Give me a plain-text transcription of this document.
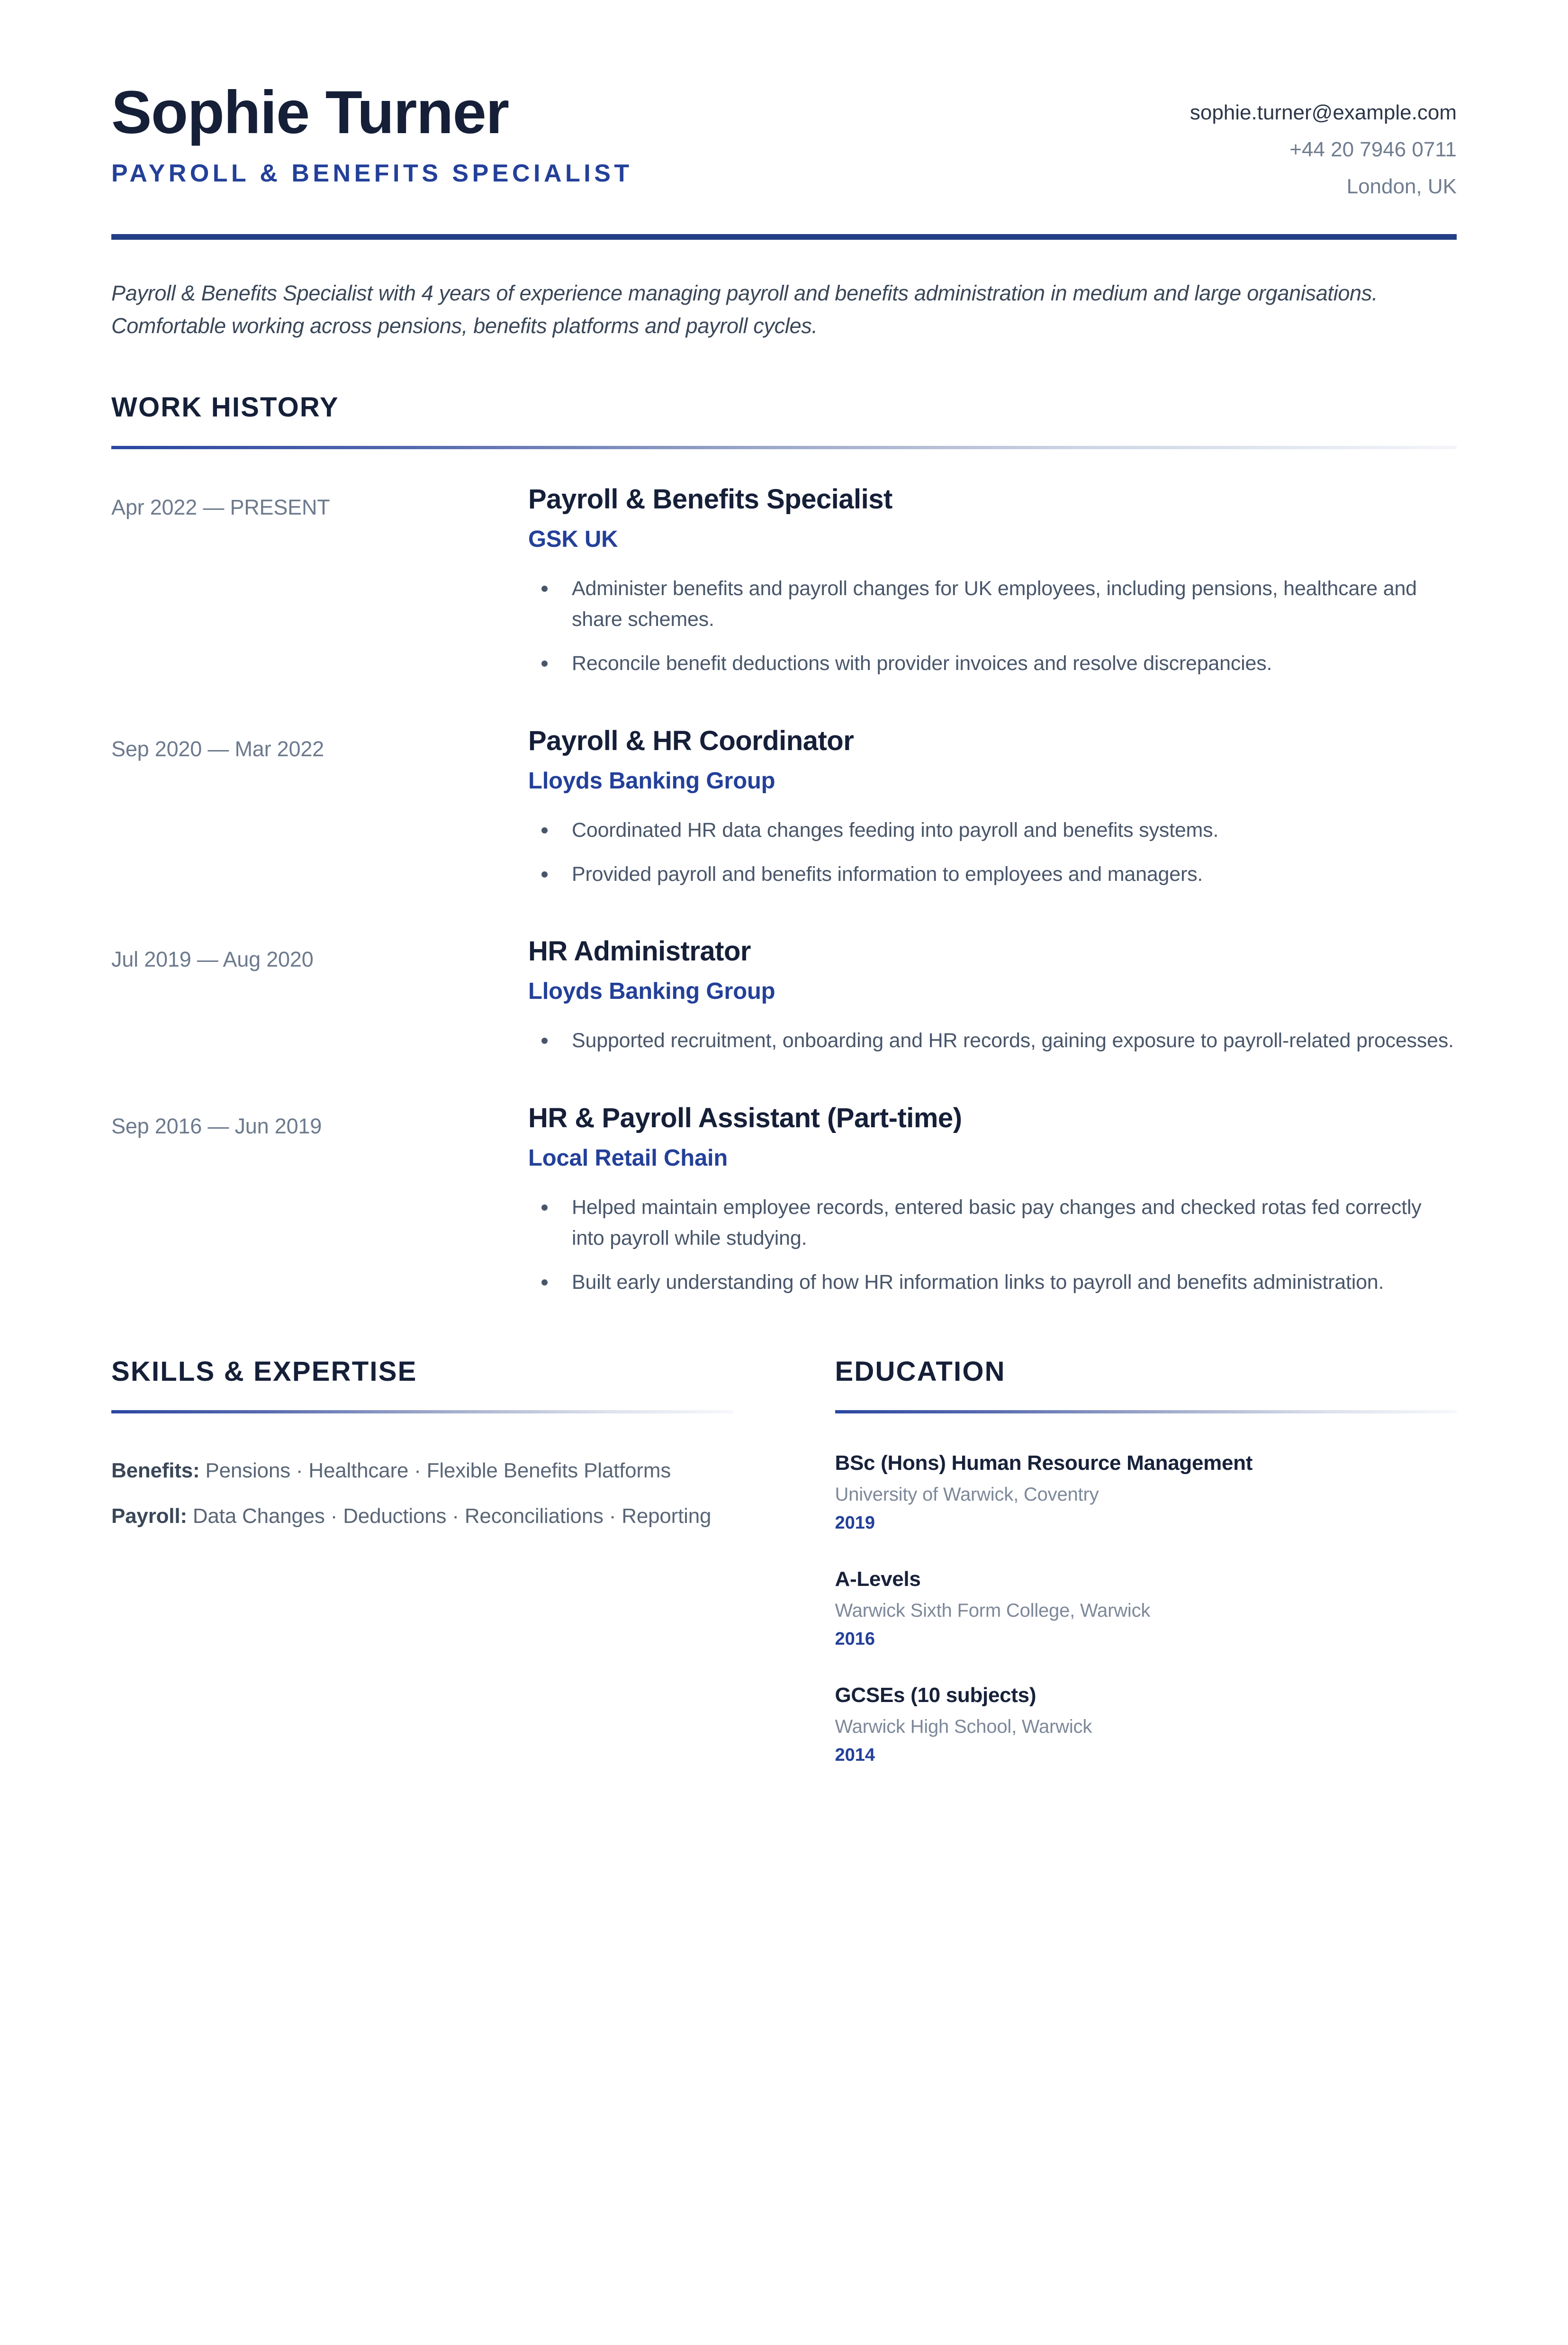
Sophie Turner
PAYROLL & BENEFITS SPECIALIST
sophie.turner@example.com
+44 20 7946 0711
London, UK
Payroll & Benefits Specialist with 4 years of experience managing payroll and benefits administration in medium and large organisations. Comfortable working across pensions, benefits platforms and payroll cycles.
WORK HISTORY
Apr 2022 — PRESENT	Payroll & Benefits Specialist
GSK UK
Administer benefits and payroll changes for UK employees, including pensions, healthcare and share schemes.
Reconcile benefit deductions with provider invoices and resolve discrepancies.
Sep 2020 — Mar 2022	Payroll & HR Coordinator
Lloyds Banking Group
Coordinated HR data changes feeding into payroll and benefits systems.
Provided payroll and benefits information to employees and managers.
Jul 2019 — Aug 2020	HR Administrator
Lloyds Banking Group
Supported recruitment, onboarding and HR records, gaining exposure to payroll-related processes.
Sep 2016 — Jun 2019	HR & Payroll Assistant (Part-time)
Local Retail Chain
Helped maintain employee records, entered basic pay changes and checked rotas fed correctly into payroll while studying.
Built early understanding of how HR information links to payroll and benefits administration.
SKILLS & EXPERTISE
Benefits: Pensions · Healthcare · Flexible Benefits Platforms
Payroll: Data Changes · Deductions · Reconciliations · Reporting
EDUCATION
BSc (Hons) Human Resource Management
University of Warwick, Coventry
2019
A-Levels
Warwick Sixth Form College, Warwick
2016
GCSEs (10 subjects)
Warwick High School, Warwick
2014
